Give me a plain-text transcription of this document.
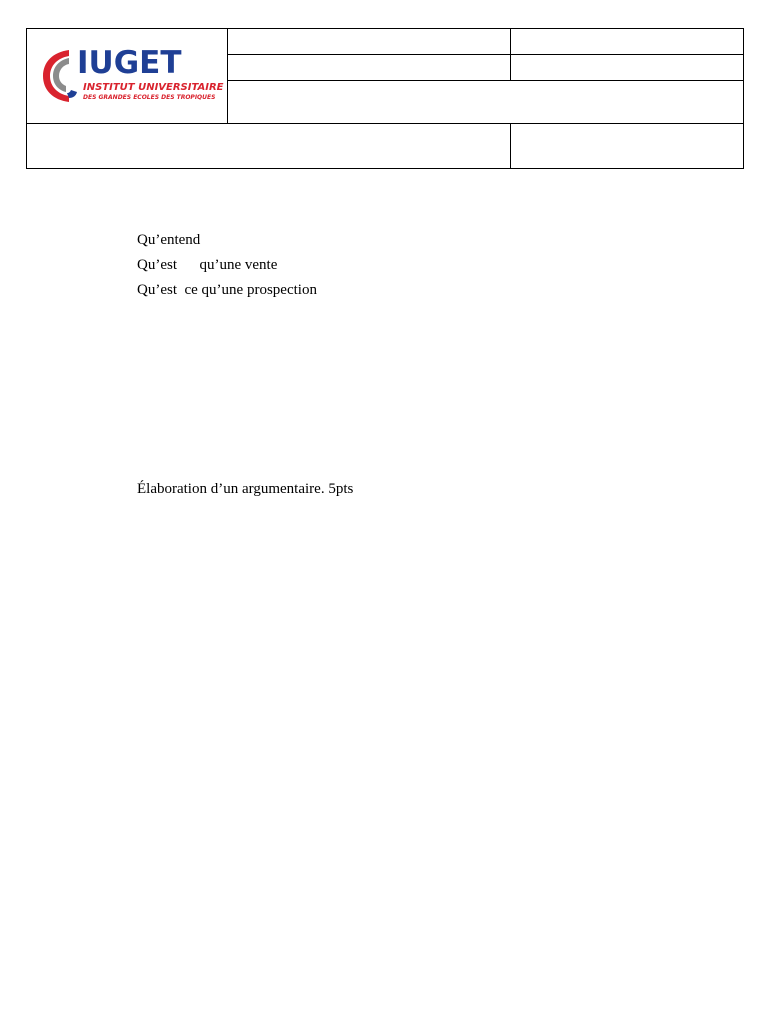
IUGET
INSTITUT UNIVERSITAIRE
DES GRANDES ECOLES DES TROPIQUES		

Qu’entend

Qu’est      qu’une vente

Qu’est  ce qu’une prospection

Élaboration d’un argumentaire. 5pts
